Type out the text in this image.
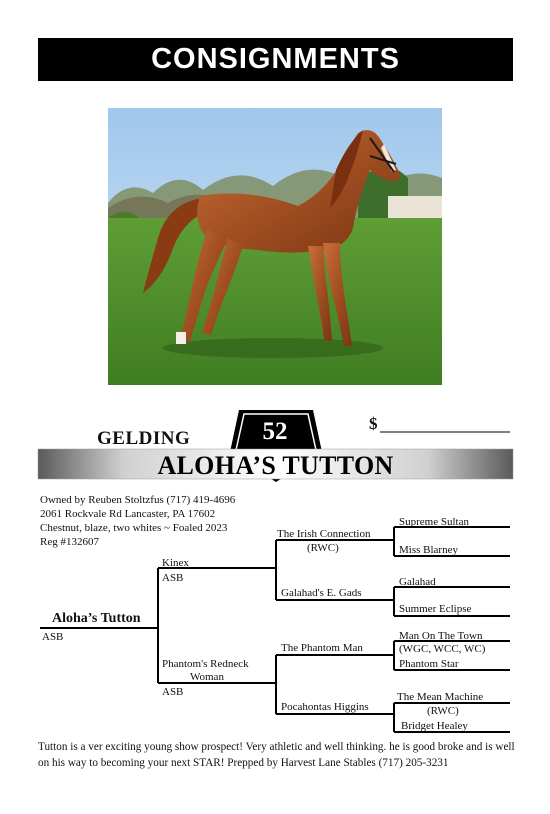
CONSIGNMENTS
52	$
GELDING
ALOHA’S TUTTON
Owned by Reuben Stoltzfus (717) 419-4696
2061 Rockvale Rd Lancaster, PA 17602
Chestnut, blaze, two whites ~ Foaled 2023
Reg #132607
Aloha’s Tutton
ASB
Kinex
ASB
Phantom's Redneck
Woman
ASB
The Irish Connection
(RWC)
Galahad's E. Gads
The Phantom Man
Pocahontas Higgins
Supreme Sultan
Miss Blarney
Galahad
Summer Eclipse
Man On The Town
(WGC, WCC, WC)
Phantom Star
The Mean Machine
(RWC)
Bridget Healey
Tutton is a ver exciting young show prospect! Very athletic and well thinking. he is good broke and is well on his way to becoming your next STAR! Prepped by Harvest Lane Stables (717) 205-3231
